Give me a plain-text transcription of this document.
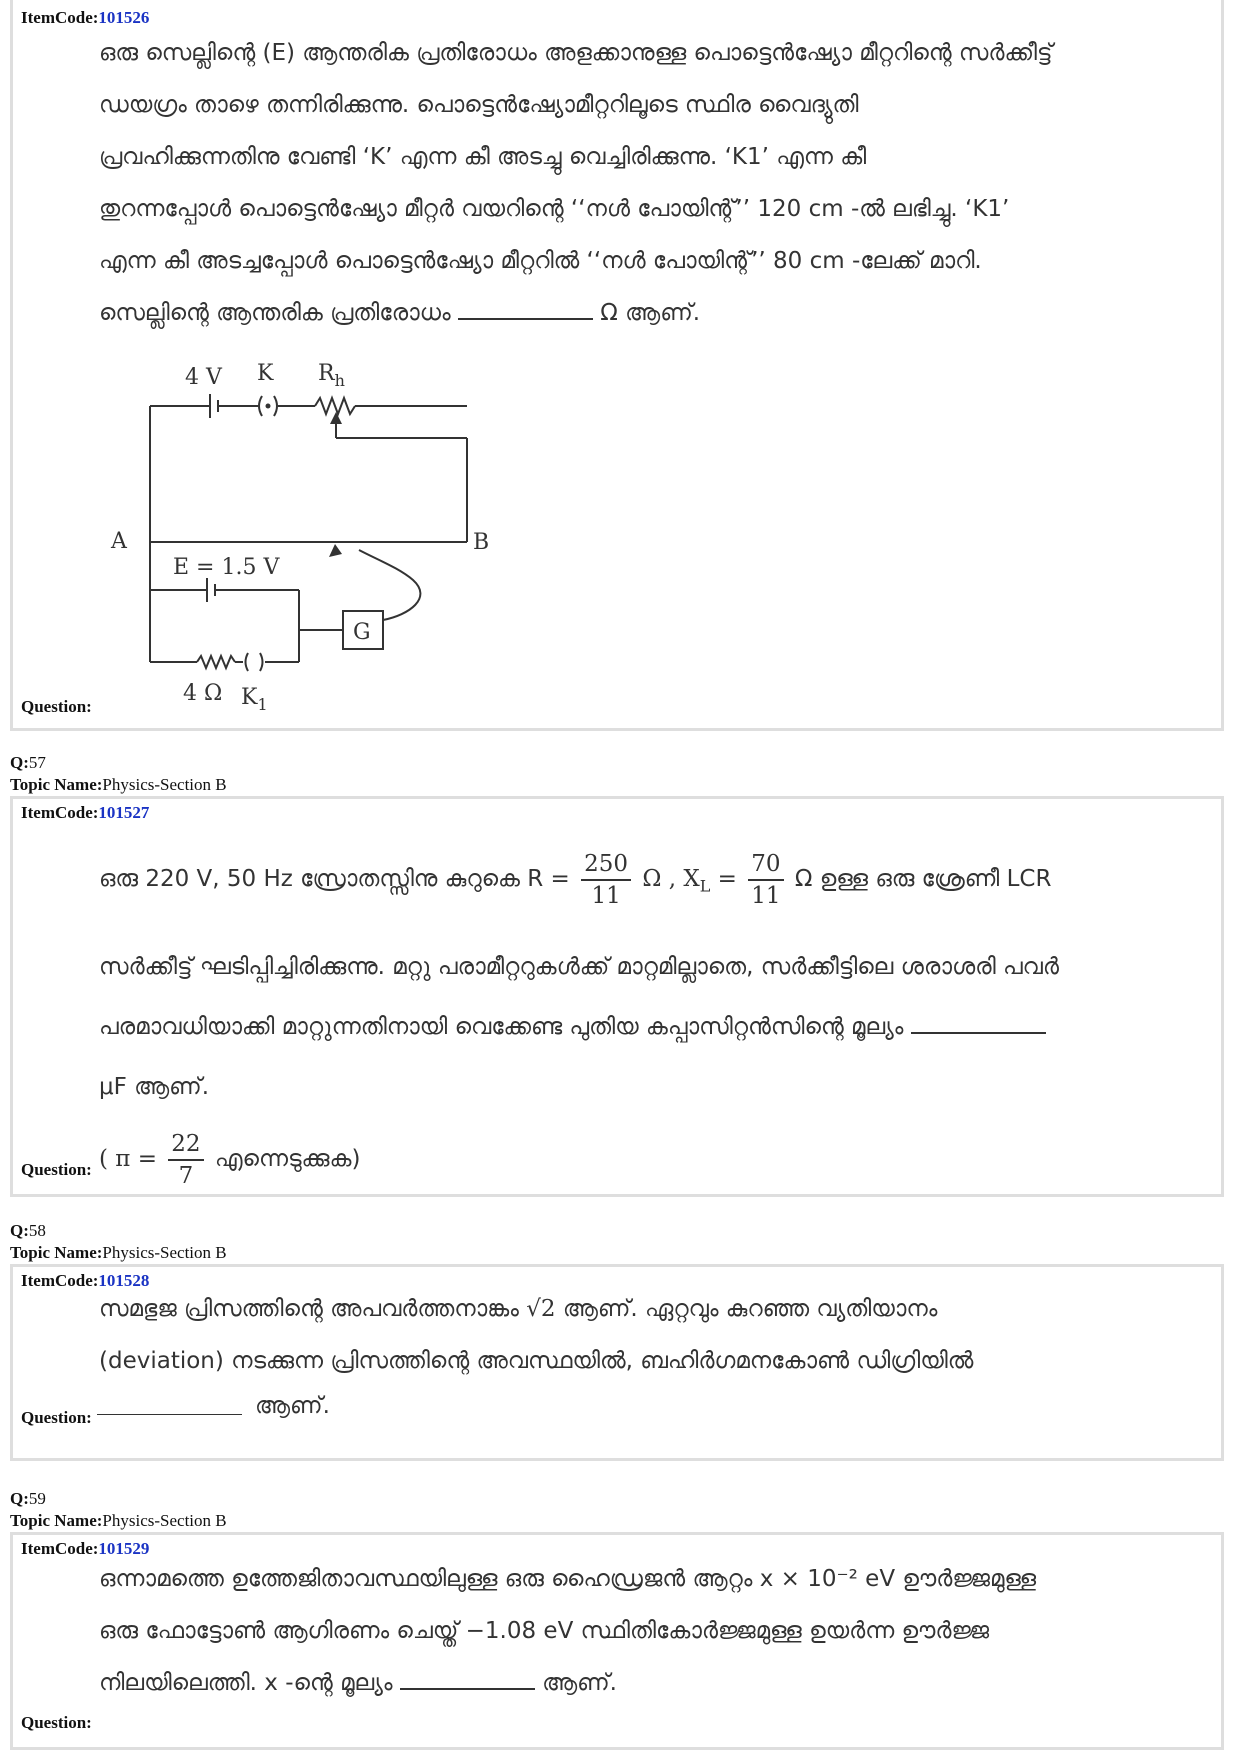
ItemCode:101526
ഒരു സെല്ലിന്റെ (E) ആന്തരിക പ്രതിരോധം അളക്കാനുള്ള പൊട്ടെൻഷ്യോ മീറ്ററിന്റെ സർക്കീട്ട്
ഡയഗ്രം താഴെ തന്നിരിക്കുന്നു. പൊട്ടെൻഷ്യോമീറ്ററിലൂടെ സ്ഥിര വൈദ്യുതി
പ്രവഹിക്കുന്നതിനു വേണ്ടി ‘K’ എന്ന കീ അടച്ചു വെച്ചിരിക്കുന്നു. ‘K1’ എന്ന കീ
തുറന്നപ്പോൾ പൊട്ടെൻഷ്യോ മീറ്റർ വയറിന്റെ ‘‘നൾ പോയിന്റ്’’ 120 cm -ൽ ലഭിച്ചു. ‘K1’
എന്ന കീ അടച്ചപ്പോൾ പൊട്ടെൻഷ്യോ മീറ്ററിൽ ‘‘നൾ പോയിന്റ്’’ 80 cm -ലേക്ക് മാറി.
സെല്ലിന്റെ ആന്തരിക പ്രതിരോധം	Ω ആണ്.
4 V K $R_h$
A	B
E = 1.5 V
G
4 Ω $K_1$
Question:
Q:57
Topic Name:Physics-Section B
ItemCode:101527
ഒരു 220 V, 50 Hz സ്രോതസ്സിനു കുറുകെ $R = \frac{250}{11}$ Ω , $X_L = \frac{70}{11}$ Ω ഉള്ള ഒരു ശ്രേണീ LCR
സർക്കീട്ട് ഘടിപ്പിച്ചിരിക്കുന്നു. മറ്റു പരാമീറ്ററുകൾക്ക് മാറ്റമില്ലാതെ, സർക്കീട്ടിലെ ശരാശരി പവർ
പരമാവധിയാക്കി മാറ്റുന്നതിനായി വെക്കേണ്ട പുതിയ കപ്പാസിറ്റൻസിന്റെ മൂല്യം
μF ആണ്.
( $\pi = \frac{22}{7}$ എന്നെടുക്കുക)
Question:
Q:58
Topic Name:Physics-Section B
ItemCode:101528
സമഭുജ പ്രിസത്തിന്റെ അപവർത്തനാങ്കം √2 ആണ്. ഏറ്റവും കുറഞ്ഞ വ്യതിയാനം
(deviation) നടക്കുന്ന പ്രിസത്തിന്റെ അവസ്ഥയിൽ, ബഹിർഗമനകോൺ ഡിഗ്രിയിൽ
Question:	ആണ്.
Q:59
Topic Name:Physics-Section B
ItemCode:101529
ഒന്നാമത്തെ ഉത്തേജിതാവസ്ഥയിലുള്ള ഒരു ഹൈഡ്രജൻ ആറ്റം x × 10⁻² eV ഊർജ്ജമുള്ള
ഒരു ഫോട്ടോൺ ആഗിരണം ചെയ്ത് −1.08 eV സ്ഥിതികോർജ്ജമുള്ള ഉയർന്ന ഊർജ്ജ
നിലയിലെത്തി. x -ന്റെ മൂല്യം	ആണ്.
Question:
